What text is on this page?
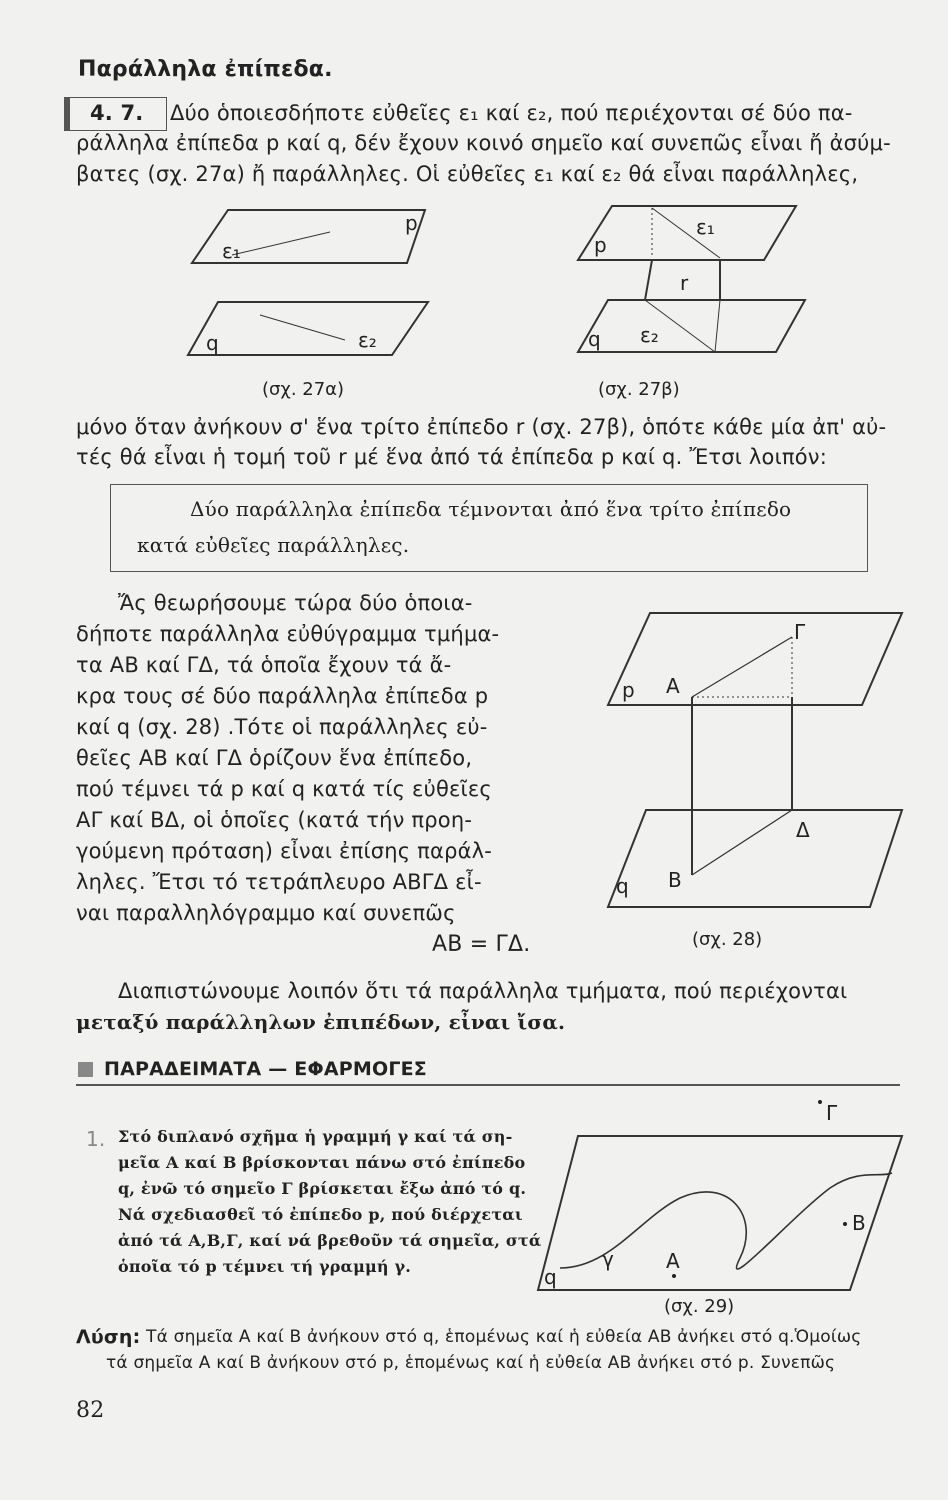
Παράλληλα ἐπίπεδα.
4. 7. Δύο ὁποιεσδήποτε εὐθεῖες ε₁ καί ε₂, πού περιέχονται σέ δύο πα-
ράλληλα ἐπίπεδα p καί q, δέν ἔχουν κοινό σημεῖο καί συνεπῶς εἶναι ἤ ἀσύμ-
βατες (σχ. 27α) ἤ παράλληλες. Οἱ εὐθεῖες ε₁ καί ε₂ θά εἶναι παράλληλες,
ε₁
p
q	ε₂
(σχ. 27α)
p
ε₁
r
q ε₂
(σχ. 27β)
μόνο ὅταν ἀνήκουν σ' ἕνα τρίτο ἐπίπεδο r (σχ. 27β), ὁπότε κάθε μία ἀπ' αὐ-
τές θά εἶναι ἡ τομή τοῦ r μέ ἕνα ἀπό τά ἐπίπεδα p καί q. Ἔτσι λοιπόν:
Δύο παράλληλα ἐπίπεδα τέμνονται ἀπό ἕνα τρίτο ἐπίπεδο
κατά εὐθεῖες παράλληλες.
Ἄς θεωρήσουμε τώρα δύο ὁποια-
δήποτε παράλληλα εὐθύγραμμα τμήμα-
τα ΑΒ καί ΓΔ, τά ὁποῖα ἔχουν τά ἄ-
κρα τους σέ δύο παράλληλα ἐπίπεδα p
καί q (σχ. 28) .Τότε οἱ παράλληλες εὐ-
θεῖες ΑΒ καί ΓΔ ὁρίζουν ἕνα ἐπίπεδο,
πού τέμνει τά p καί q κατά τίς εὐθεῖες
ΑΓ καί ΒΔ, οἱ ὁποῖες (κατά τήν προη-
γούμενη πρόταση) εἶναι ἐπίσης παράλ-
ληλες. Ἔτσι τό τετράπλευρο ΑΒΓΔ εἶ-
ναι παραλληλόγραμμο καί συνεπῶς
ΑΒ = ΓΔ.
Γ
p Α
Δ
q Β
(σχ. 28)
Διαπιστώνουμε λοιπόν ὅτι τά παράλληλα τμήματα, πού περιέχονται
μεταξύ παράλληλων ἐπιπέδων, εἶναι ἴσα.
ΠΑΡΑΔΕΙΜΑΤΑ — ΕΦΑΡΜΟΓΕΣ
1. Στό διπλανό σχῆμα ἡ γραμμή γ καί τά ση-
μεῖα Α καί Β βρίσκονται πάνω στό ἐπίπεδο
q, ἐνῶ τό σημεῖο Γ βρίσκεται ἔξω ἀπό τό q.
Νά σχεδιασθεῖ τό ἐπίπεδο p, πού διέρχεται
ἀπό τά Α,Β,Γ, καί νά βρεθοῦν τά σημεῖα, στά
ὁποῖα τό p τέμνει τή γραμμή γ.
Γ
Β
γ	Α
q
(σχ. 29)
Λύση: Τά σημεῖα Α καί Β ἀνήκουν στό q, ἑπομένως καί ἡ εὐθεία ΑΒ ἀνήκει στό q.Ὁμοίως
τά σημεῖα Α καί Β ἀνήκουν στό p, ἑπομένως καί ἡ εὐθεία ΑΒ ἀνήκει στό p. Συνεπῶς
82
